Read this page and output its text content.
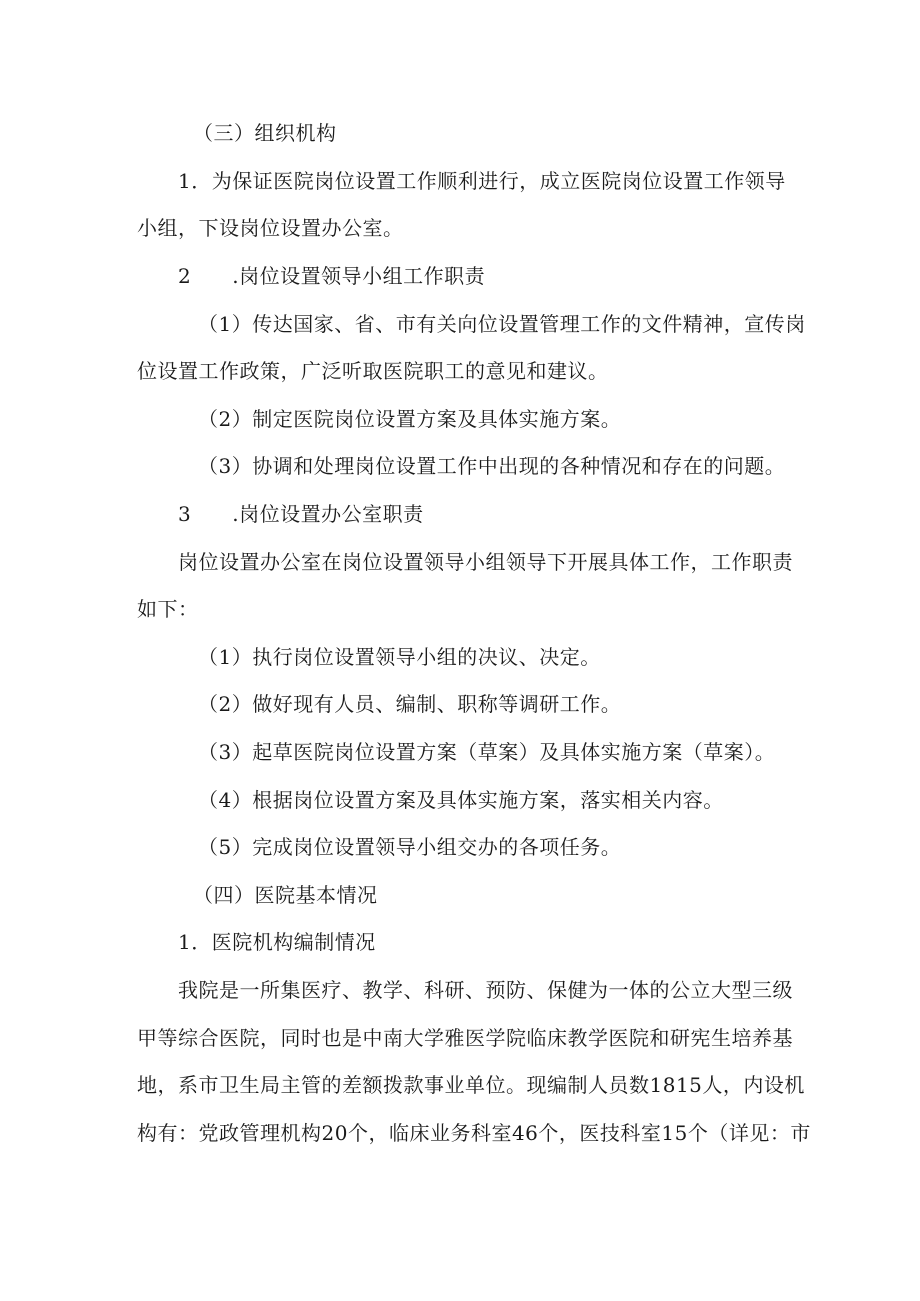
（三）组织机构
1．为保证医院岗位设置工作顺利进行，成立医院岗位设置工作领导
小组，下设岗位设置办公室。
2　　.岗位设置领导小组工作职责
（1）传达国家、省、市有关向位设置管理工作的文件精神，宣传岗
位设置工作政策，广泛听取医院职工的意见和建议。
（2）制定医院岗位设置方案及具体实施方案。
（3）协调和处理岗位设置工作中出现的各种情况和存在的问题。
3　　.岗位设置办公室职责
岗位设置办公室在岗位设置领导小组领导下开展具体工作，工作职责
如下：
（1）执行岗位设置领导小组的决议、决定。
（2）做好现有人员、编制、职称等调研工作。
（3）起草医院岗位设置方案（草案）及具体实施方案（草案）。
（4）根据岗位设置方案及具体实施方案，落实相关内容。
（5）完成岗位设置领导小组交办的各项任务。
（四）医院基本情况
1．医院机构编制情况
我院是一所集医疗、教学、科研、预防、保健为一体的公立大型三级
甲等综合医院，同时也是中南大学雅医学院临床教学医院和研宪生培养基
地，系市卫生局主管的差额拨款事业单位。现编制人员数1815人，内设机
构有：党政管理机构20个，临床业务科室46个，医技科室15个（详见：市
